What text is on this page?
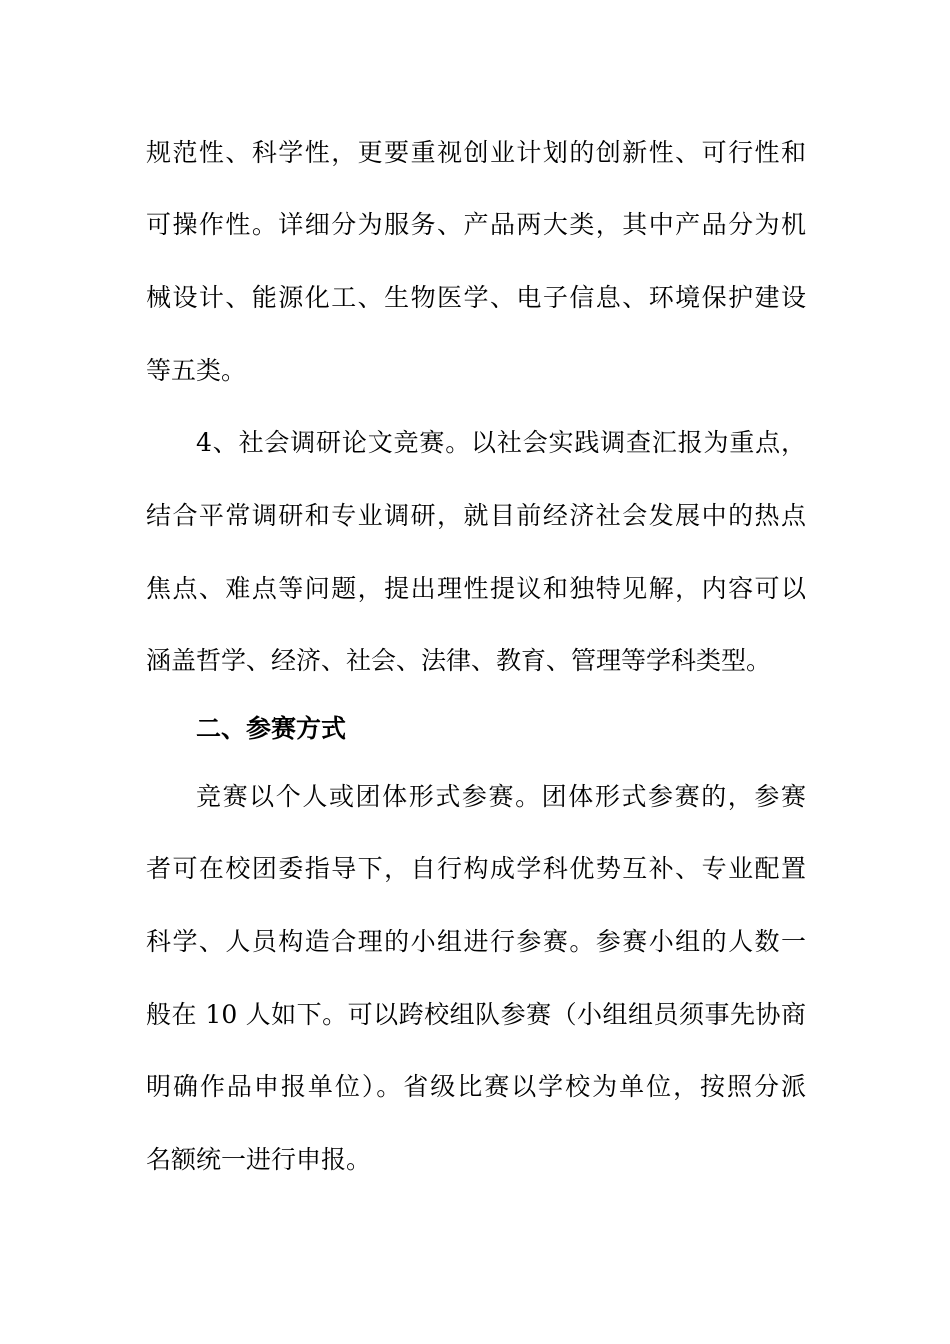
规范性、科学性，更要重视创业计划的创新性、可行性和
可操作性。详细分为服务、产品两大类，其中产品分为机
械设计、能源化工、生物医学、电子信息、环境保护建设
等五类。
4、社会调研论文竞赛。以社会实践调查汇报为重点，
结合平常调研和专业调研，就目前经济社会发展中的热点
焦点、难点等问题，提出理性提议和独特见解，内容可以
涵盖哲学、经济、社会、法律、教育、管理等学科类型。
二、参赛方式
竞赛以个人或团体形式参赛。团体形式参赛的，参赛
者可在校团委指导下，自行构成学科优势互补、专业配置
科学、人员构造合理的小组进行参赛。参赛小组的人数一
般在 10 人如下。可以跨校组队参赛（小组组员须事先协商
明确作品申报单位）。省级比赛以学校为单位，按照分派
名额统一进行申报。
